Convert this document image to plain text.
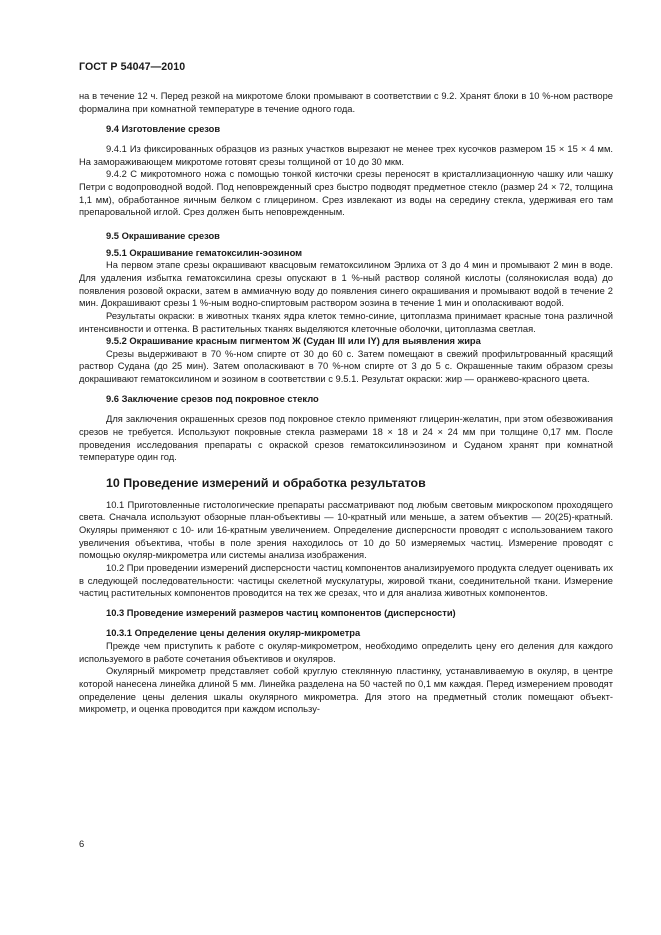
ГОСТ Р 54047—2010

на в течение 12 ч. Перед резкой на микротоме блоки промывают в соответствии с 9.2. Хранят блоки в 10 %-ном растворе формалина при комнатной температуре в течение одного года.

9.4 Изготовление срезов

9.4.1 Из фиксированных образцов из разных участков вырезают не менее трех кусочков размером 15 × 15 × 4 мм. На замораживающем микротоме готовят срезы толщиной от 10 до 30 мкм.

9.4.2 С микротомного ножа с помощью тонкой кисточки срезы переносят в кристаллизационную чашку или чашку Петри с водопроводной водой. Под неповрежденный срез быстро подводят предметное стекло (размер 24 × 72, толщина 1,1 мм), обработанное яичным белком с глицерином. Срез извлекают из воды на середину стекла, удерживая его там препаровальной иглой. Срез должен быть неповрежденным.

9.5 Окрашивание срезов

9.5.1 Окрашивание гематоксилин-эозином

На первом этапе срезы окрашивают квасцовым гематоксилином Эрлиха от 3 до 4 мин и промывают 2 мин в воде. Для удаления избытка гематоксилина срезы опускают в 1 %-ный раствор соляной кислоты (солянокислая вода) до появления розовой окраски, затем в аммиачную воду до появления синего окрашивания и промывают водой в течение 2 мин. Докрашивают срезы 1 %-ным водно-спиртовым раствором эозина в течение 1 мин и ополаскивают водой.

Результаты окраски: в животных тканях ядра клеток темно-синие, цитоплазма принимает красные тона различной интенсивности и оттенка. В растительных тканях выделяются клеточные оболочки, цитоплазма светлая.

9.5.2 Окрашивание красным пигментом Ж (Судан III или IY) для выявления жира

Срезы выдерживают в 70 %-ном спирте от 30 до 60 с. Затем помещают в свежий профильтрованный красящий раствор Судана (до 25 мин). Затем ополаскивают в 70 %-ном спирте от 3 до 5 с. Окрашенные таким образом срезы докрашивают гематоксилином и эозином в соответствии с 9.5.1. Результат окраски: жир — оранжево-красного цвета.

9.6 Заключение срезов под покровное стекло

Для заключения окрашенных срезов под покровное стекло применяют глицерин-желатин, при этом обезвоживания срезов не требуется. Используют покровные стекла размерами 18 × 18 и 24 × 24 мм при толщине 0,17 мм. После проведения исследования препараты с окраской срезов гематоксилинэозином и Суданом хранят при комнатной температуре один год.

10 Проведение измерений и обработка результатов

10.1 Приготовленные гистологические препараты рассматривают под любым световым микроскопом проходящего света. Сначала используют обзорные план-объективы — 10-кратный или меньше, а затем объектив — 20(25)-кратный. Окуляры применяют с 10- или 16-кратным увеличением. Определение дисперсности проводят с использованием такого увеличения объектива, чтобы в поле зрения находилось от 10 до 50 измеряемых частиц. Измерение проводят с помощью окуляр-микрометра или системы анализа изображения.

10.2 При проведении измерений дисперсности частиц компонентов анализируемого продукта следует оценивать их в следующей последовательности: частицы скелетной мускулатуры, жировой ткани, соединительной ткани. Измерение частиц растительных компонентов проводится на тех же срезах, что и для анализа животных компонентов.

10.3 Проведение измерений размеров частиц компонентов (дисперсности)

10.3.1 Определение цены деления окуляр-микрометра

Прежде чем приступить к работе с окуляр-микрометром, необходимо определить цену его деления для каждого используемого в работе сочетания объективов и окуляров.

Окулярный микрометр представляет собой круглую стеклянную пластинку, устанавливаемую в окуляр, в центре которой нанесена линейка длиной 5 мм. Линейка разделена на 50 частей по 0,1 мм каждая. Перед измерением проводят определение цены деления шкалы окулярного микрометра. Для этого на предметный столик помещают объект-микрометр, и оценка проводится при каждом использу-

6
